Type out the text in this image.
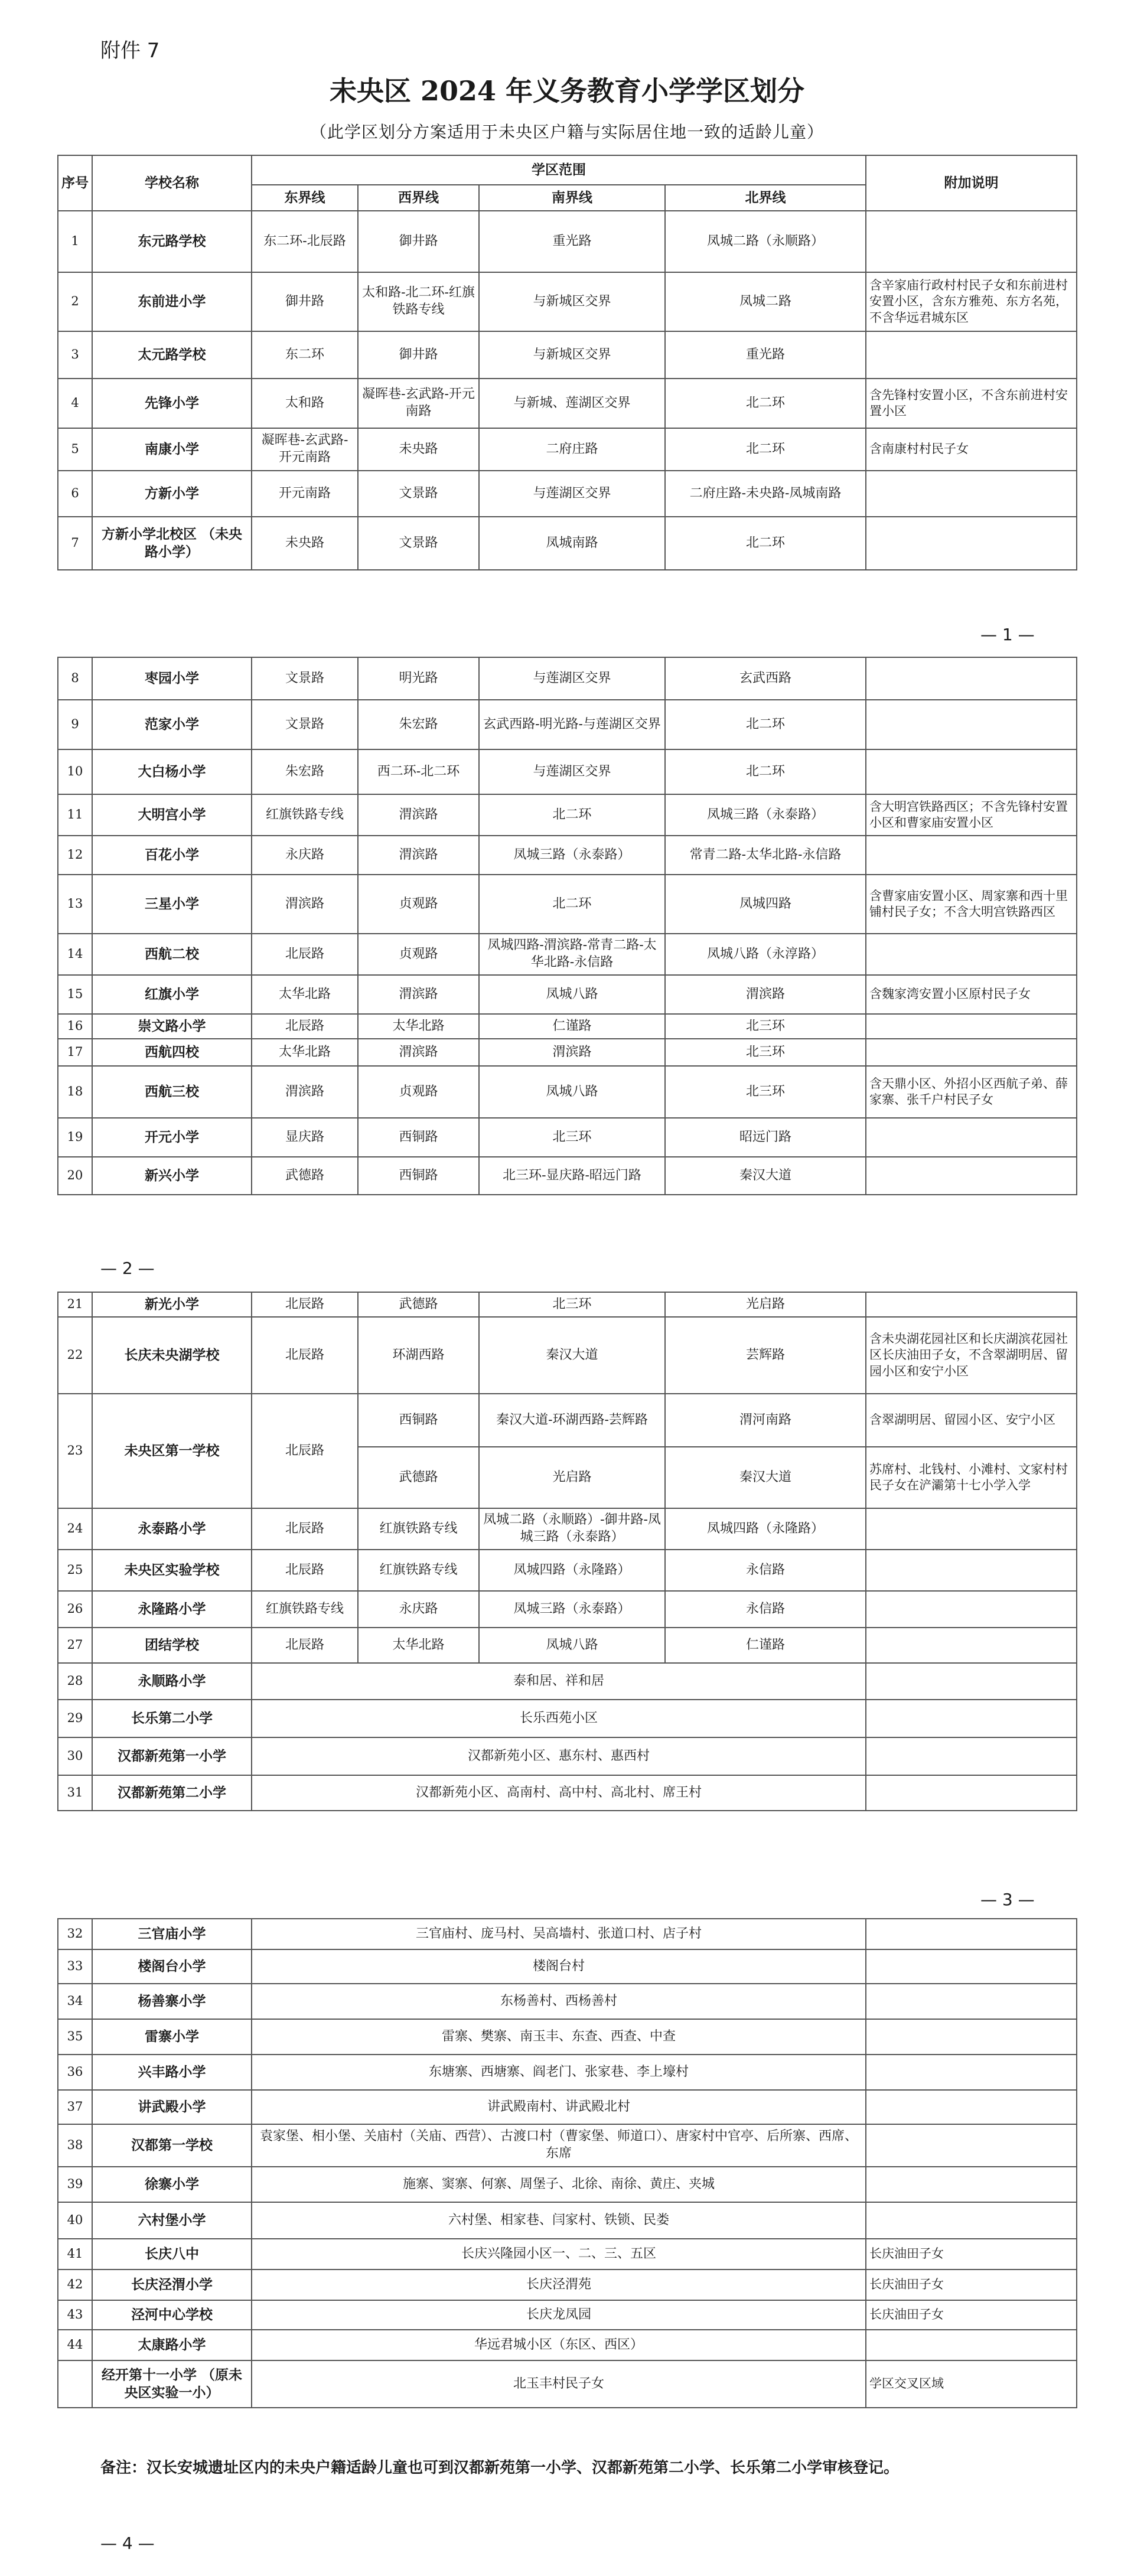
附件 7
未央区 2024 年义务教育小学学区划分
（此学区划分方案适用于未央区户籍与实际居住地一致的适龄儿童）
序号	学校名称	学区范围				附加说明
		东界线	西界线	南界线	北界线	
1	东元路学校	东二环-北辰路	御井路	重光路	凤城二路（永顺路）	
2	东前进小学	御井路	太和路-北二环-红旗铁路专线	与新城区交界	凤城二路	含辛家庙行政村村民子女和东前进村安置小区，含东方雅苑、东方名苑，不含华远君城东区
3	太元路学校	东二环	御井路	与新城区交界	重光路	
4	先锋小学	太和路	凝晖巷-玄武路-开元南路	与新城、莲湖区交界	北二环	含先锋村安置小区，不含东前进村安置小区
5	南康小学	凝晖巷-玄武路-开元南路	未央路	二府庄路	北二环	含南康村村民子女
6	方新小学	开元南路	文景路	与莲湖区交界	二府庄路-未央路-凤城南路	
7	方新小学北校区 （未央路小学）	未央路	文景路	凤城南路	北二环	
— 1 —
8	枣园小学	文景路	明光路	与莲湖区交界	玄武西路	
9	范家小学	文景路	朱宏路	玄武西路-明光路-与莲湖区交界	北二环	
10	大白杨小学	朱宏路	西二环-北二环	与莲湖区交界	北二环	
11	大明宫小学	红旗铁路专线	渭滨路	北二环	凤城三路（永泰路）	含大明宫铁路西区；不含先锋村安置小区和曹家庙安置小区
12	百花小学	永庆路	渭滨路	凤城三路（永泰路）	常青二路-太华北路-永信路	
13	三星小学	渭滨路	贞观路	北二环	凤城四路	含曹家庙安置小区、周家寨和西十里铺村民子女；不含大明宫铁路西区
14	西航二校	北辰路	贞观路	凤城四路-渭滨路-常青二路-太华北路-永信路	凤城八路（永淳路）	
15	红旗小学	太华北路	渭滨路	凤城八路	渭滨路	含魏家湾安置小区原村民子女
16	崇文路小学	北辰路	太华北路	仁谨路	北三环	
17	西航四校	太华北路	渭滨路	渭滨路	北三环	
18	西航三校	渭滨路	贞观路	凤城八路	北三环	含天鼎小区、外招小区西航子弟、薛家寨、张千户村民子女
19	开元小学	显庆路	西铜路	北三环	昭远门路	
20	新兴小学	武德路	西铜路	北三环-显庆路-昭远门路	秦汉大道	
— 2 —
21	新光小学	北辰路	武德路	北三环	光启路	
22	长庆未央湖学校	北辰路	环湖西路	秦汉大道	芸辉路	含未央湖花园社区和长庆湖滨花园社区长庆油田子女，不含翠湖明居、留园小区和安宁小区
23	未央区第一学校	北辰路	西铜路	秦汉大道-环湖西路-芸辉路	渭河南路	含翠湖明居、留园小区、安宁小区
			武德路	光启路	秦汉大道	苏席村、北钱村、小滩村、文家村村民子女在浐灞第十七小学入学
24	永泰路小学	北辰路	红旗铁路专线	凤城二路（永顺路）-御井路-凤城三路（永泰路）	凤城四路（永隆路）	
25	未央区实验学校	北辰路	红旗铁路专线	凤城四路（永隆路）	永信路	
26	永隆路小学	红旗铁路专线	永庆路	凤城三路（永泰路）	永信路	
27	团结学校	北辰路	太华北路	凤城八路	仁谨路	
28	永顺路小学	泰和居、祥和居				
29	长乐第二小学	长乐西苑小区				
30	汉都新苑第一小学	汉都新苑小区、惠东村、惠西村				
31	汉都新苑第二小学	汉都新苑小区、高南村、高中村、高北村、席王村				
— 3 —
32	三官庙小学	三官庙村、庞马村、吴高墙村、张道口村、店子村	
33	楼阁台小学	楼阁台村	
34	杨善寨小学	东杨善村、西杨善村	
35	雷寨小学	雷寨、樊寨、南玉丰、东查、西查、中查	
36	兴丰路小学	东塘寨、西塘寨、阎老门、张家巷、李上壕村	
37	讲武殿小学	讲武殿南村、讲武殿北村	
38	汉都第一学校	袁家堡、相小堡、关庙村（关庙、西营）、古渡口村（曹家堡、师道口）、唐家村中官亭、后所寨、西席、东席	
39	徐寨小学	施寨、窦寨、何寨、周堡子、北徐、南徐、黄庄、夹城	
40	六村堡小学	六村堡、相家巷、闫家村、铁锁、民娄	
41	长庆八中	长庆兴隆园小区一、二、三、五区	长庆油田子女
42	长庆泾渭小学	长庆泾渭苑	长庆油田子女
43	泾河中心学校	长庆龙凤园	长庆油田子女
44	太康路小学	华远君城小区（东区、西区）	
	经开第十一小学 （原未央区实验一小）	北玉丰村民子女	学区交叉区域
备注：汉长安城遗址区内的未央户籍适龄儿童也可到汉都新苑第一小学、汉都新苑第二小学、长乐第二小学审核登记。
— 4 —
